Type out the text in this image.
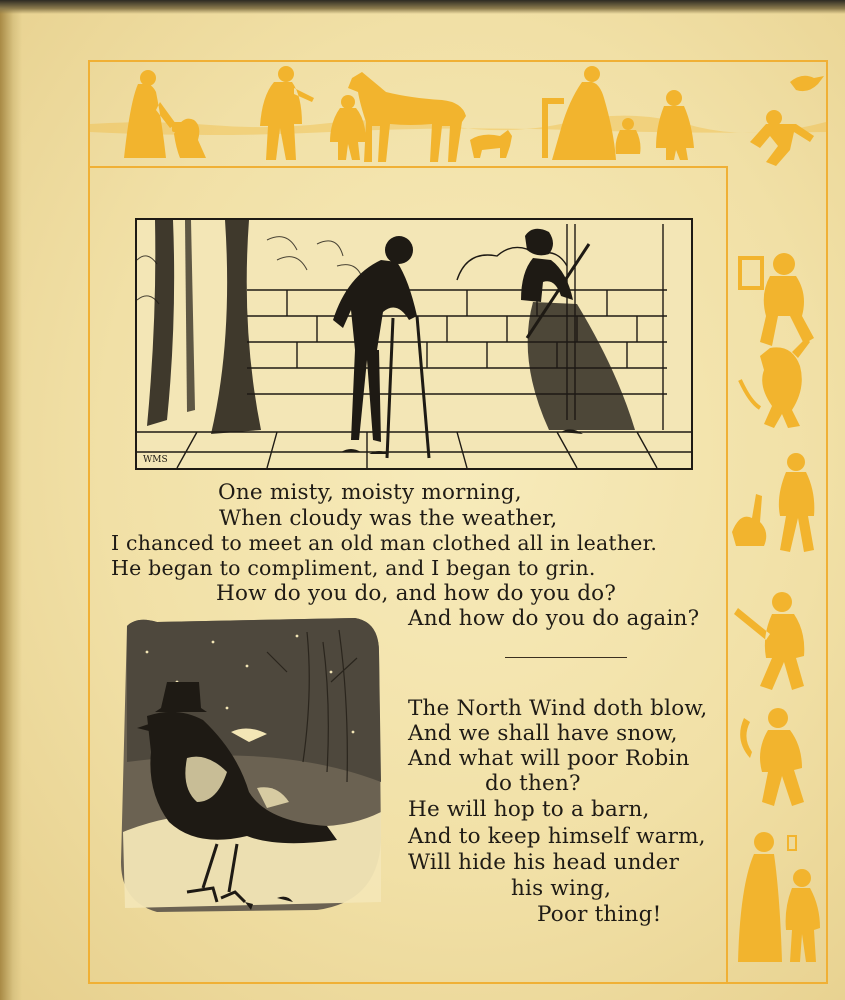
WMS
One misty, moisty morning,
When cloudy was the weather,
I chanced to meet an old man clothed all in leather.
He began to compliment, and I began to grin.
How do you do, and how do you do?
And how do you do again?
The North Wind doth blow,
And we shall have snow,
And what will poor Robin
do then?
He will hop to a barn,
And to keep himself warm,
Will hide his head under
his wing,
Poor thing!
